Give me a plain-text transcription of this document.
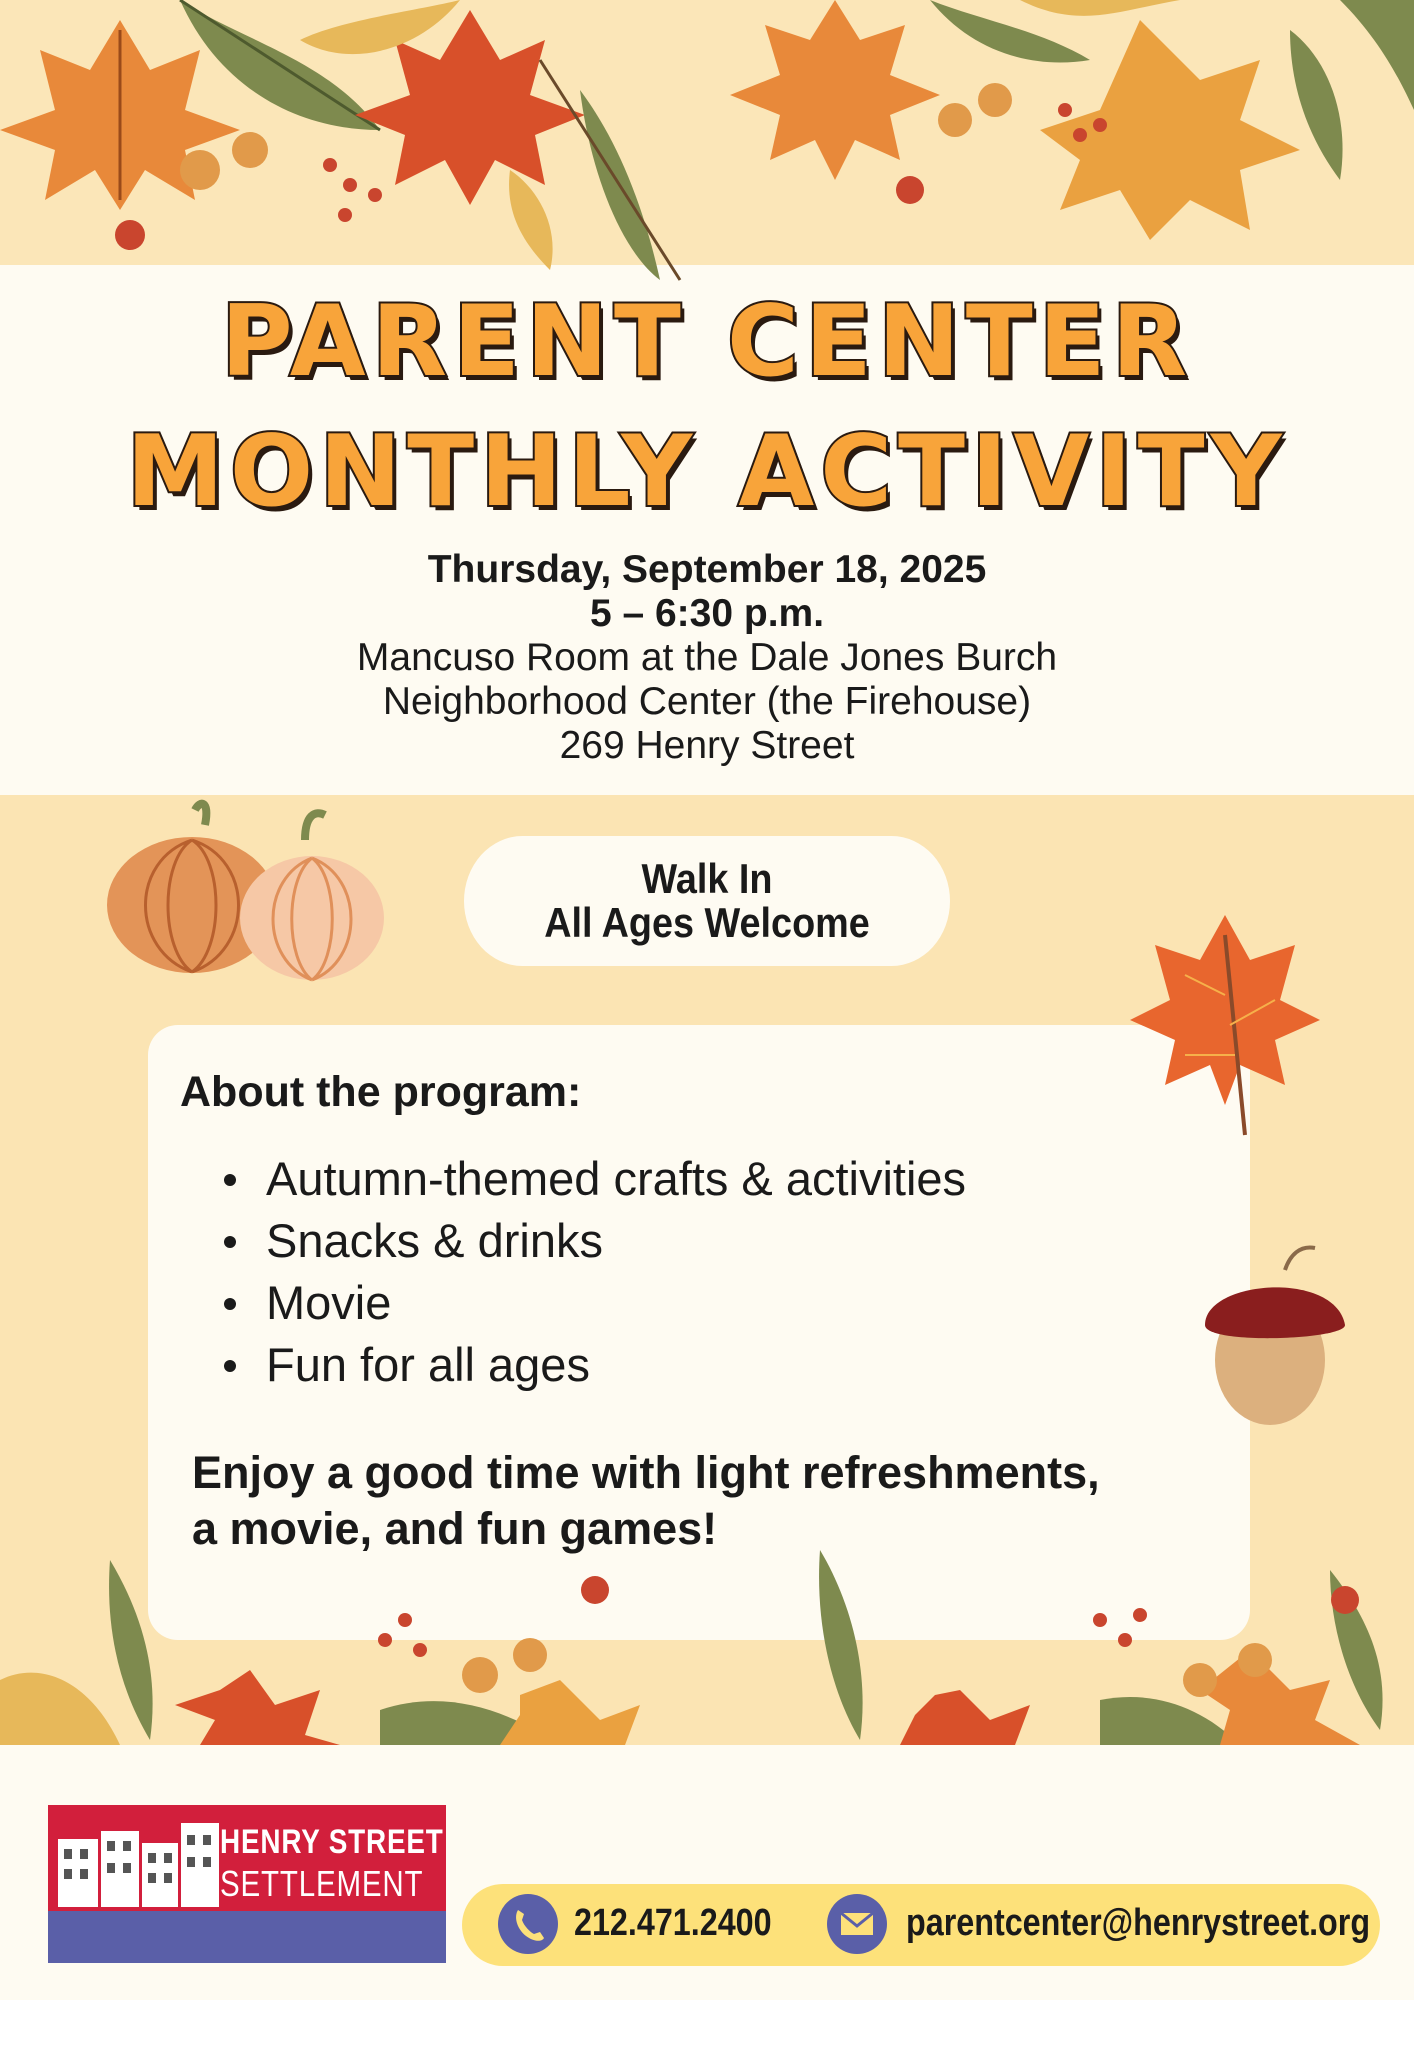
PARENT CENTER
MONTHLY ACTIVITY
Thursday, September 18, 2025
5 – 6:30 p.m.
Mancuso Room at the Dale Jones Burch
Neighborhood Center (the Firehouse)
269 Henry Street
Walk In
All Ages Welcome
About the program:
Autumn-themed crafts & activities
Snacks & drinks
Movie
Fun for all ages
Enjoy a good time with light refreshments,
a movie, and fun games!
HENRY STREET
SETTLEMENT
The Parent Center
212.471.2400	parentcenter@henrystreet.org
